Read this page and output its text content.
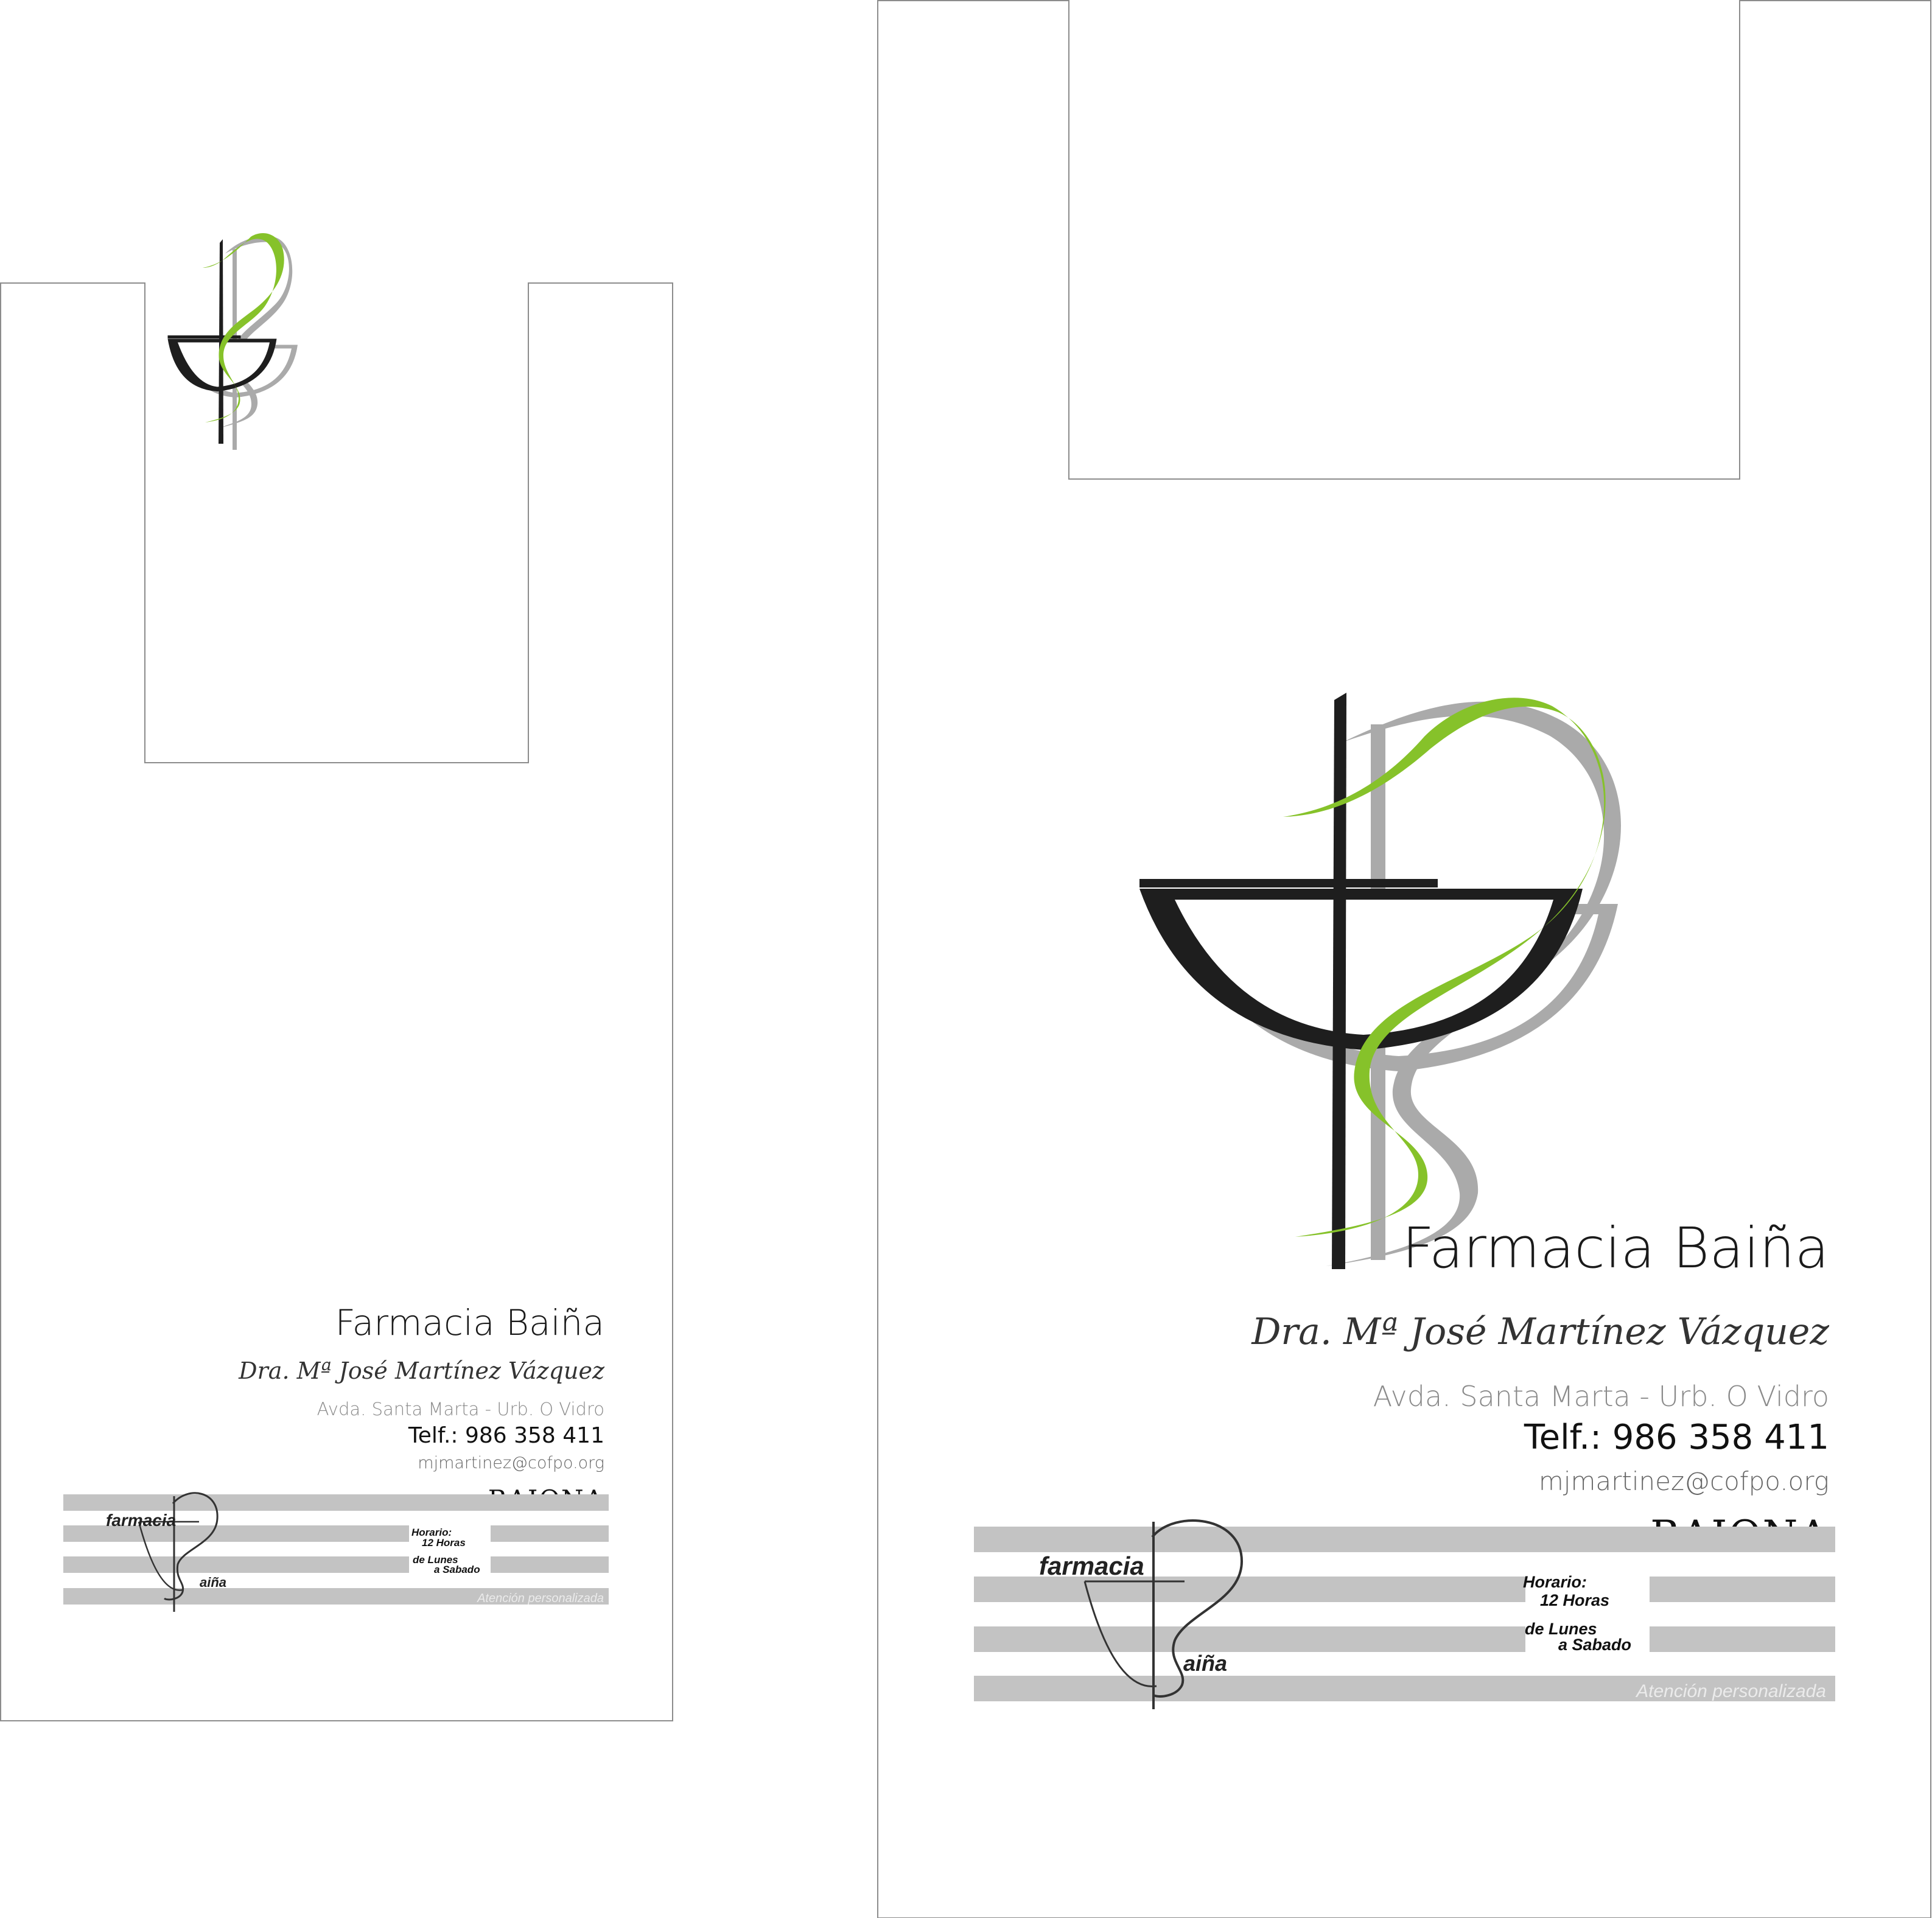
Farmacia Baiña
Dra. Mª José Martínez Vázquez
Avda. Santa Marta - Urb. O Vidro
Telf.: 986 358 411
mjmartinez@cofpo.org
farmacia
aiña
Horario:
12 Horas
de Lunes
a Sabado
Atención personalizada
Farmacia Baiña
Dra. Mª José Martínez Vázquez
Avda. Santa Marta - Urb. O Vidro
Telf.: 986 358 411
mjmartinez@cofpo.org
farmacia
aiña
Horario:
12 Horas
de Lunes
a Sabado
Atención personalizada
